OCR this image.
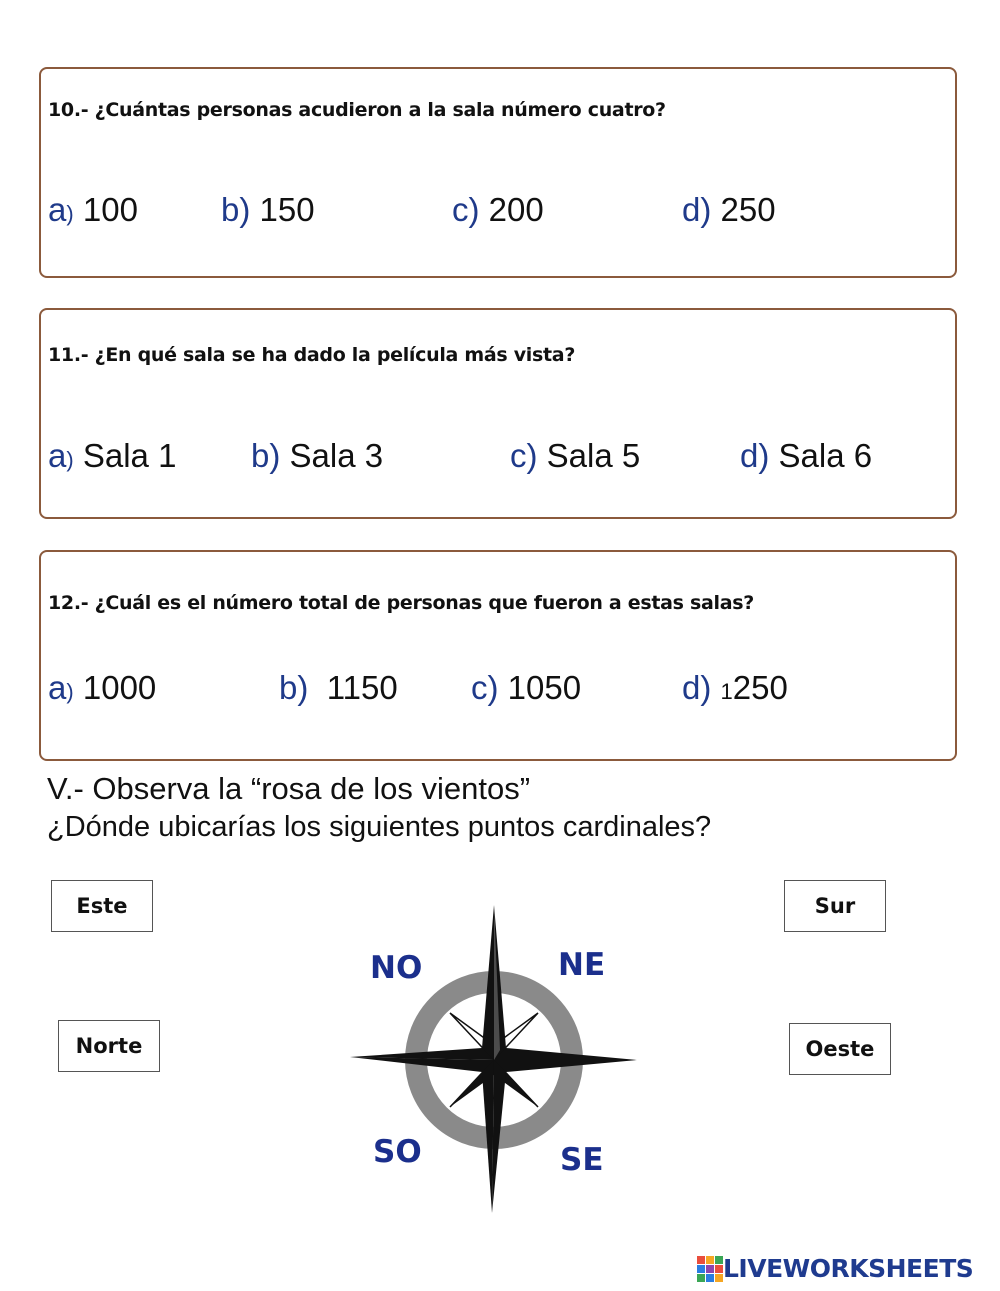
10.- ¿Cuántas personas acudieron a la sala número cuatro?
a) 100	b) 150	c) 200	d) 250
11.- ¿En qué sala se ha dado la película más vista?
a) Sala 1 b) Sala 3	c) Sala 5	d) Sala 6
12.- ¿Cuál es el número total de personas que fueron a estas salas?
a) 1000	b) 1150 c) 1050	d) 1250
V.- Observa la “rosa de los vientos”
¿Dónde ubicarías los siguientes puntos cardinales?
Este	Sur
Norte	Oeste
NO	NE
SO	SE
LIVEWORKSHEETS
